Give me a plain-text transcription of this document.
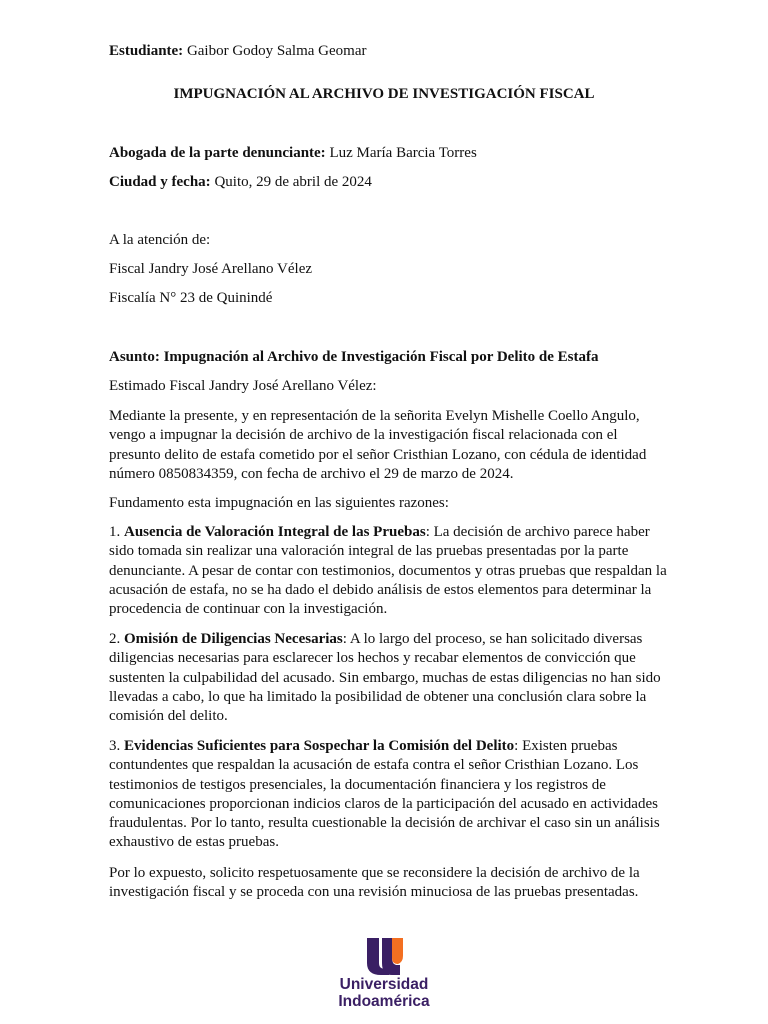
Estudiante: Gaibor Godoy Salma Geomar
IMPUGNACIÓN AL ARCHIVO DE INVESTIGACIÓN FISCAL
Abogada de la parte denunciante: Luz María Barcia Torres
Ciudad y fecha: Quito, 29 de abril de 2024
A la atención de:
Fiscal Jandry José Arellano Vélez
Fiscalía N° 23 de Quinindé
Asunto: Impugnación al Archivo de Investigación Fiscal por Delito de Estafa
Estimado Fiscal Jandry José Arellano Vélez:
Mediante la presente, y en representación de la señorita Evelyn Mishelle Coello Angulo, vengo a impugnar la decisión de archivo de la investigación fiscal relacionada con el presunto delito de estafa cometido por el señor Cristhian Lozano, con cédula de identidad número 0850834359, con fecha de archivo el 29 de marzo de 2024.
Fundamento esta impugnación en las siguientes razones:
1. Ausencia de Valoración Integral de las Pruebas: La decisión de archivo parece haber sido tomada sin realizar una valoración integral de las pruebas presentadas por la parte denunciante. A pesar de contar con testimonios, documentos y otras pruebas que respaldan la acusación de estafa, no se ha dado el debido análisis de estos elementos para determinar la procedencia de continuar con la investigación.
2. Omisión de Diligencias Necesarias: A lo largo del proceso, se han solicitado diversas diligencias necesarias para esclarecer los hechos y recabar elementos de convicción que sustenten la culpabilidad del acusado. Sin embargo, muchas de estas diligencias no han sido llevadas a cabo, lo que ha limitado la posibilidad de obtener una conclusión clara sobre la comisión del delito.
3. Evidencias Suficientes para Sospechar la Comisión del Delito: Existen pruebas contundentes que respaldan la acusación de estafa contra el señor Cristhian Lozano. Los testimonios de testigos presenciales, la documentación financiera y los registros de comunicaciones proporcionan indicios claros de la participación del acusado en actividades fraudulentas. Por lo tanto, resulta cuestionable la decisión de archivar el caso sin un análisis exhaustivo de estas pruebas.
Por lo expuesto, solicito respetuosamente que se reconsidere la decisión de archivo de la investigación fiscal y se proceda con una revisión minuciosa de las pruebas presentadas.
Universidad
Indoamérica
